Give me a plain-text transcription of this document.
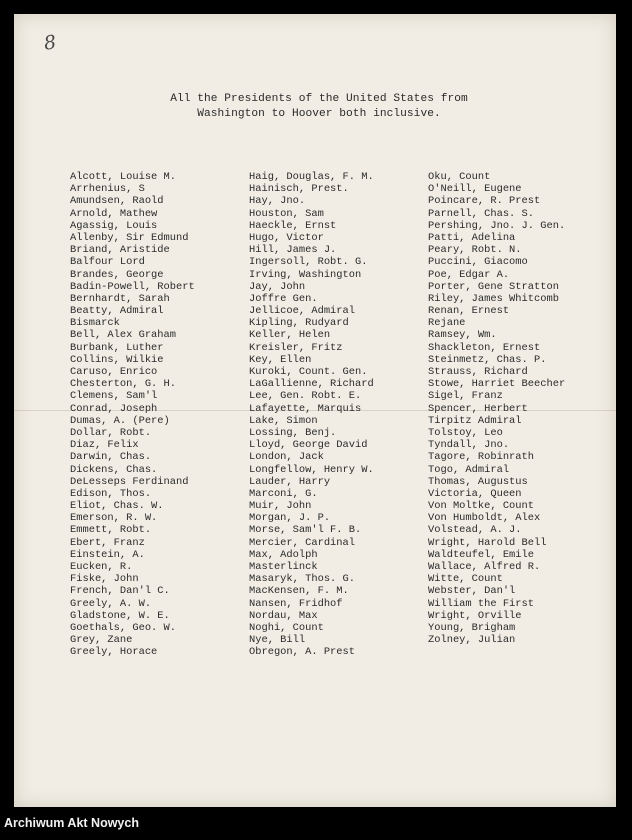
8
All the Presidents of the United States from
Washington to Hoover both inclusive.
Alcott, Louise M.
Arrhenius, S
Amundsen, Raold
Arnold, Mathew
Agassig, Louis
Allenby, Sir Edmund
Briand, Aristide
Balfour Lord
Brandes, George
Badin-Powell, Robert
Bernhardt, Sarah
Beatty, Admiral
Bismarck
Bell, Alex Graham
Burbank, Luther
Collins, Wilkie
Caruso, Enrico
Chesterton, G. H.
Clemens, Sam'l
Conrad, Joseph
Dumas, A. (Pere)
Dollar, Robt.
Diaz, Felix
Darwin, Chas.
Dickens, Chas.
DeLesseps Ferdinand
Edison, Thos.
Eliot, Chas. W.
Emerson, R. W.
Emmett, Robt.
Ebert, Franz
Einstein, A.
Eucken, R.
Fiske, John
French, Dan'l C.
Greely, A. W.
Gladstone, W. E.
Goethals, Geo. W.
Grey, Zane
Greely, Horace
Haig, Douglas, F. M.
Hainisch, Prest.
Hay, Jno.
Houston, Sam
Haeckle, Ernst
Hugo, Victor
Hill, James J.
Ingersoll, Robt. G.
Irving, Washington
Jay, John
Joffre Gen.
Jellicoe, Admiral
Kipling, Rudyard
Keller, Helen
Kreisler, Fritz
Key, Ellen
Kuroki, Count. Gen.
LaGallienne, Richard
Lee, Gen. Robt. E.
Lafayette, Marquis
Lake, Simon
Lossing, Benj.
Lloyd, George David
London, Jack
Longfellow, Henry W.
Lauder, Harry
Marconi, G.
Muir, John
Morgan, J. P.
Morse, Sam'l F. B.
Mercier, Cardinal
Max, Adolph
Masterlinck
Masaryk, Thos. G.
MacKensen, F. M.
Nansen, Fridhof
Nordau, Max
Noghi, Count
Nye, Bill
Obregon, A. Prest
Oku, Count
O'Neill, Eugene
Poincare, R. Prest
Parnell, Chas. S.
Pershing, Jno. J. Gen.
Patti, Adelina
Peary, Robt. N.
Puccini, Giacomo
Poe, Edgar A.
Porter, Gene Stratton
Riley, James Whitcomb
Renan, Ernest
Rejane
Ramsey, Wm.
Shackleton, Ernest
Steinmetz, Chas. P.
Strauss, Richard
Stowe, Harriet Beecher
Sigel, Franz
Spencer, Herbert
Tirpitz Admiral
Tolstoy, Leo
Tyndall, Jno.
Tagore, Robinrath
Togo, Admiral
Thomas, Augustus
Victoria, Queen
Von Moltke, Count
Von Humboldt, Alex
Volstead, A. J.
Wright, Harold Bell
Waldteufel, Emile
Wallace, Alfred R.
Witte, Count
Webster, Dan'l
William the First
Wright, Orville
Young, Brigham
Zolney, Julian
Archiwum Akt Nowych
